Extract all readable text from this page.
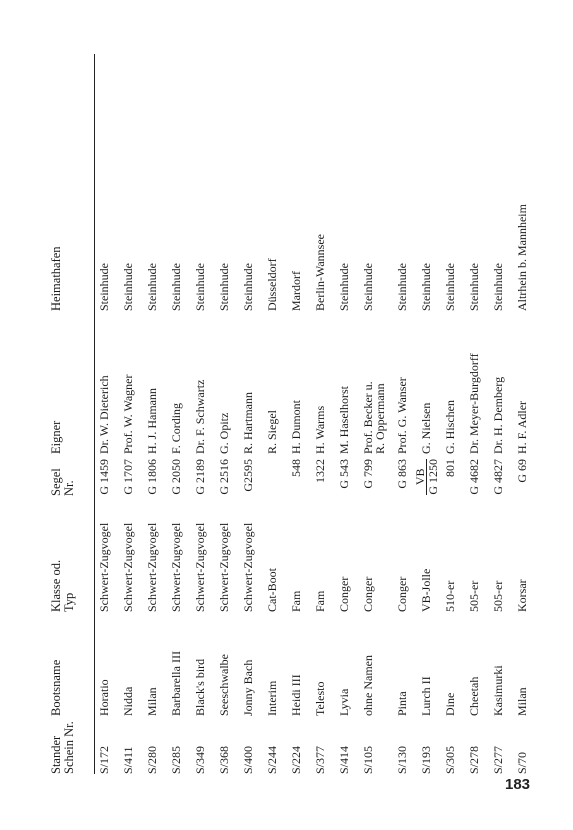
Stander Schein Nr.
Bootsname
Klasse od. Typ
Segel Nr.
Eigner
Heimathafen
S/172
Horatio
Schwert-Zugvogel
G 1459
Dr. W. Dieterich
Steinhude
S/411
Nidda
Schwert-Zugvogel
G 1707
Prof. W. Wagner
Steinhude
S/280
Milan
Schwert-Zugvogel
G 1806
H. J. Hamann
Steinhude
S/285
Barbarella III
Schwert-Zugvogel
G 2050
F. Cording
Steinhude
S/349
Black's bird
Schwert-Zugvogel
G 2189
Dr. F. Schwartz
Steinhude
S/368
Seeschwalbe
Schwert-Zugvogel
G 2516
G. Opitz
Steinhude
S/400
Jonny Bach
Schwert-Zugvogel
G2595
R. Hartmann
Steinhude
S/244
Interim
Cat-Boot
R. Siegel
Düsseldorf
S/224
Heidi III
Fam
548
H. Dumont
Mardorf
S/377
Telesto
Fam
1322
H. Warms
Berlin-Wannsee
S/414
Lyvia
Conger
G 543
M. Haselhorst
Steinhude
S/105
ohne Namen
Conger
G 799
Prof. Becker u.
R. Oppermann
Steinhude
S/130
Pinta
Conger
G 863
Prof. G. Wanser
Steinhude
S/193
Lurch II
VB-Jolle
VB G 1250
G. Nielsen
Steinhude
S/305
Dine
510-er
801
G. Hischen
Steinhude
S/278
Cheetah
505-er
G 4682
Dr. Meyer-Burgdorff
Steinhude
S/277
Kasimurki
505-er
G 4827
Dr. H. Demberg
Steinhude
S/70
Milan
Korsar
G 69
H. F. Adler
Altrhein b. Mannheim
183
